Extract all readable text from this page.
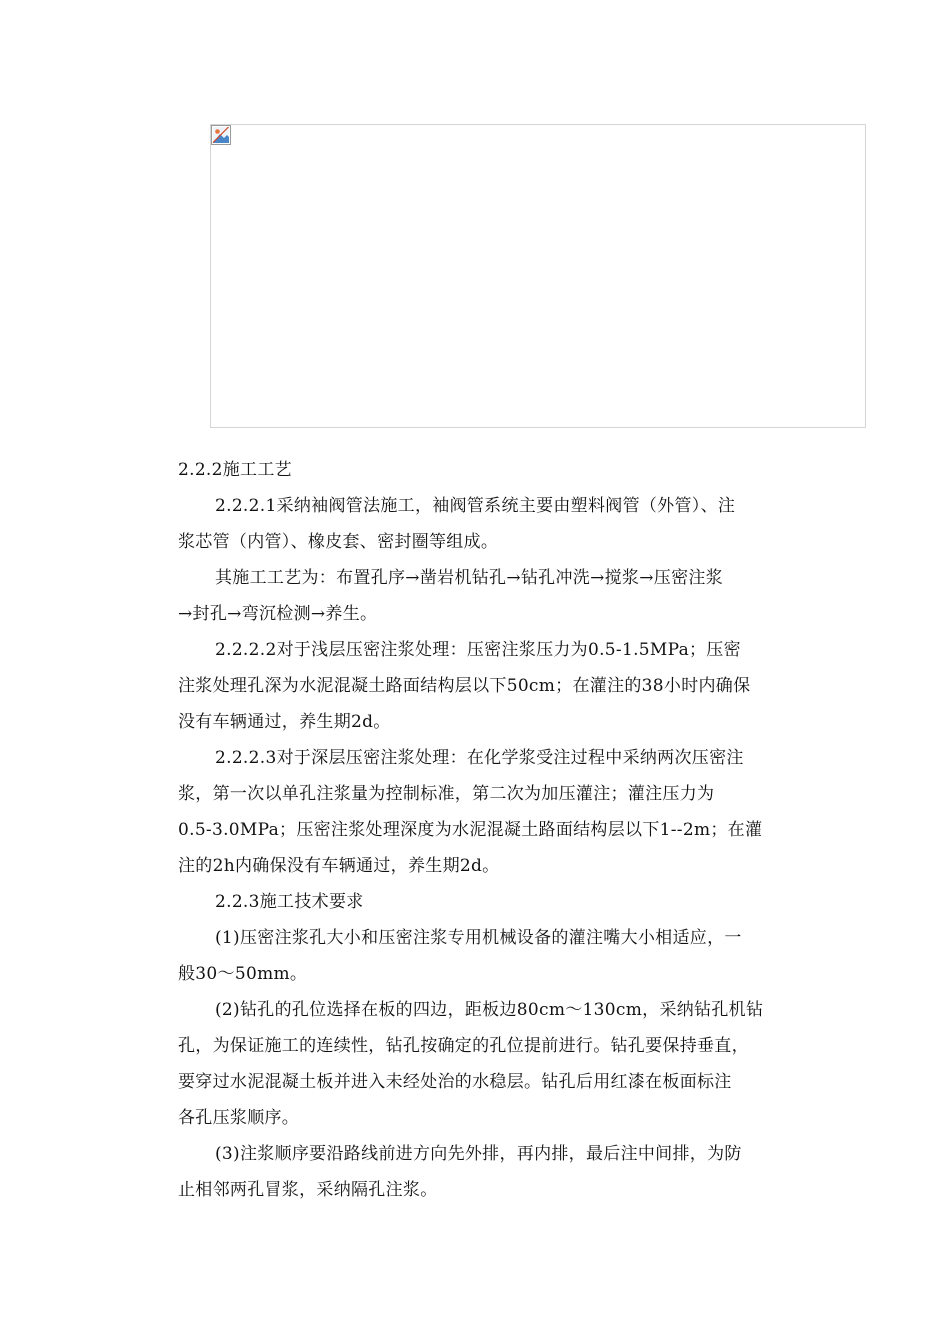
2.2.2施工工艺
2.2.2.1采纳袖阀管法施工，袖阀管系统主要由塑料阀管（外管）、注
浆芯管（内管）、橡皮套、密封圈等组成。
其施工工艺为：布置孔序→凿岩机钻孔→钻孔冲洗→搅浆→压密注浆
→封孔→弯沉检测→养生。
2.2.2.2对于浅层压密注浆处理：压密注浆压力为0.5-1.5MPa；压密
注浆处理孔深为水泥混凝土路面结构层以下50cm；在灌注的38小时内确保
没有车辆通过，养生期2d。
2.2.2.3对于深层压密注浆处理：在化学浆受注过程中采纳两次压密注
浆，第一次以单孔注浆量为控制标准，第二次为加压灌注；灌注压力为
0.5-3.0MPa；压密注浆处理深度为水泥混凝土路面结构层以下1--2m；在灌
注的2h内确保没有车辆通过，养生期2d。
2.2.3施工技术要求
(1)压密注浆孔大小和压密注浆专用机械设备的灌注嘴大小相适应，一
般30～50mm。
(2)钻孔的孔位选择在板的四边，距板边80cm～130cm，采纳钻孔机钻
孔，为保证施工的连续性，钻孔按确定的孔位提前进行。钻孔要保持垂直，
要穿过水泥混凝土板并进入未经处治的水稳层。钻孔后用红漆在板面标注
各孔压浆顺序。
(3)注浆顺序要沿路线前进方向先外排，再内排，最后注中间排，为防
止相邻两孔冒浆，采纳隔孔注浆。
